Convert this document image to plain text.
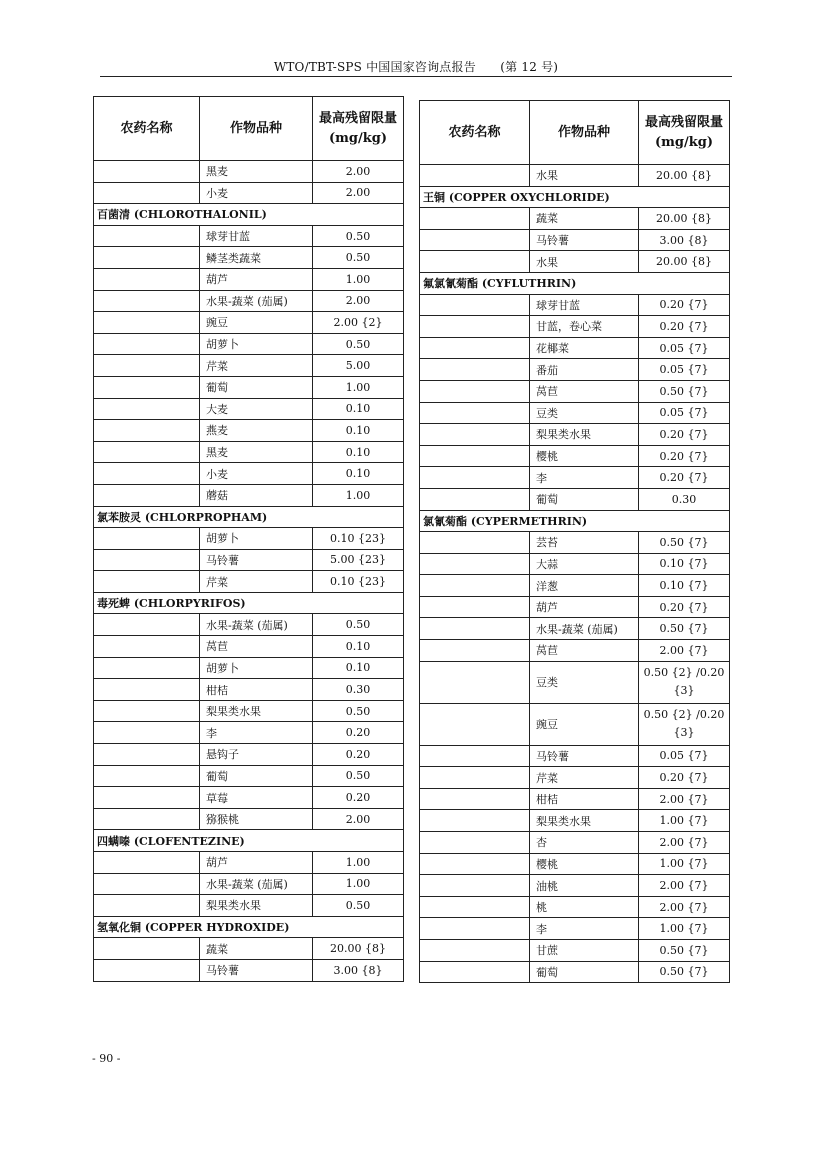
WTO/TBT-SPS 中国国家咨询点报告　　(第 12 号)
农药名称	作物品种	最高残留限量(mg/kg)
	黑麦	2.00
	小麦	2.00
百菌清 (CHLOROTHALONIL)		
	球芽甘蓝	0.50
	鳞茎类蔬菜	0.50
	葫芦	1.00
	水果-蔬菜 (茄属)	2.00
	豌豆	2.00 {2}
	胡萝卜	0.50
	芹菜	5.00
	葡萄	1.00
	大麦	0.10
	燕麦	0.10
	黑麦	0.10
	小麦	0.10
	蘑菇	1.00
氯苯胺灵 (CHLORPROPHAM)		
	胡萝卜	0.10 {23}
	马铃薯	5.00 {23}
	芹菜	0.10 {23}
毒死蜱 (CHLORPYRIFOS)		
	水果-蔬菜 (茄属)	0.50
	莴苣	0.10
	胡萝卜	0.10
	柑桔	0.30
	梨果类水果	0.50
	李	0.20
	悬钩子	0.20
	葡萄	0.50
	草莓	0.20
	猕猴桃	2.00
四螨嗪 (CLOFENTEZINE)		
	葫芦	1.00
	水果-蔬菜 (茄属)	1.00
	梨果类水果	0.50
氢氧化铜 (COPPER HYDROXIDE)		
	蔬菜	20.00 {8}
	马铃薯	3.00 {8}
农药名称	作物品种	最高残留限量(mg/kg)
	水果	20.00 {8}
王铜 (COPPER OXYCHLORIDE)		
	蔬菜	20.00 {8}
	马铃薯	3.00 {8}
	水果	20.00 {8}
氟氯氰菊酯 (CYFLUTHRIN)		
	球芽甘蓝	0.20 {7}
	甘蓝，卷心菜	0.20 {7}
	花椰菜	0.05 {7}
	番茄	0.05 {7}
	莴苣	0.50 {7}
	豆类	0.05 {7}
	梨果类水果	0.20 {7}
	樱桃	0.20 {7}
	李	0.20 {7}
	葡萄	0.30
氯氰菊酯 (CYPERMETHRIN)		
	芸苔	0.50 {7}
	大蒜	0.10 {7}
	洋葱	0.10 {7}
	葫芦	0.20 {7}
	水果-蔬菜 (茄属)	0.50 {7}
	莴苣	2.00 {7}
	豆类	0.50 {2} /0.20 {3}
	豌豆	0.50 {2} /0.20 {3}
	马铃薯	0.05 {7}
	芹菜	0.20 {7}
	柑桔	2.00 {7}
	梨果类水果	1.00 {7}
	杏	2.00 {7}
	樱桃	1.00 {7}
	油桃	2.00 {7}
	桃	2.00 {7}
	李	1.00 {7}
	甘蔗	0.50 {7}
	葡萄	0.50 {7}
- 90 -
